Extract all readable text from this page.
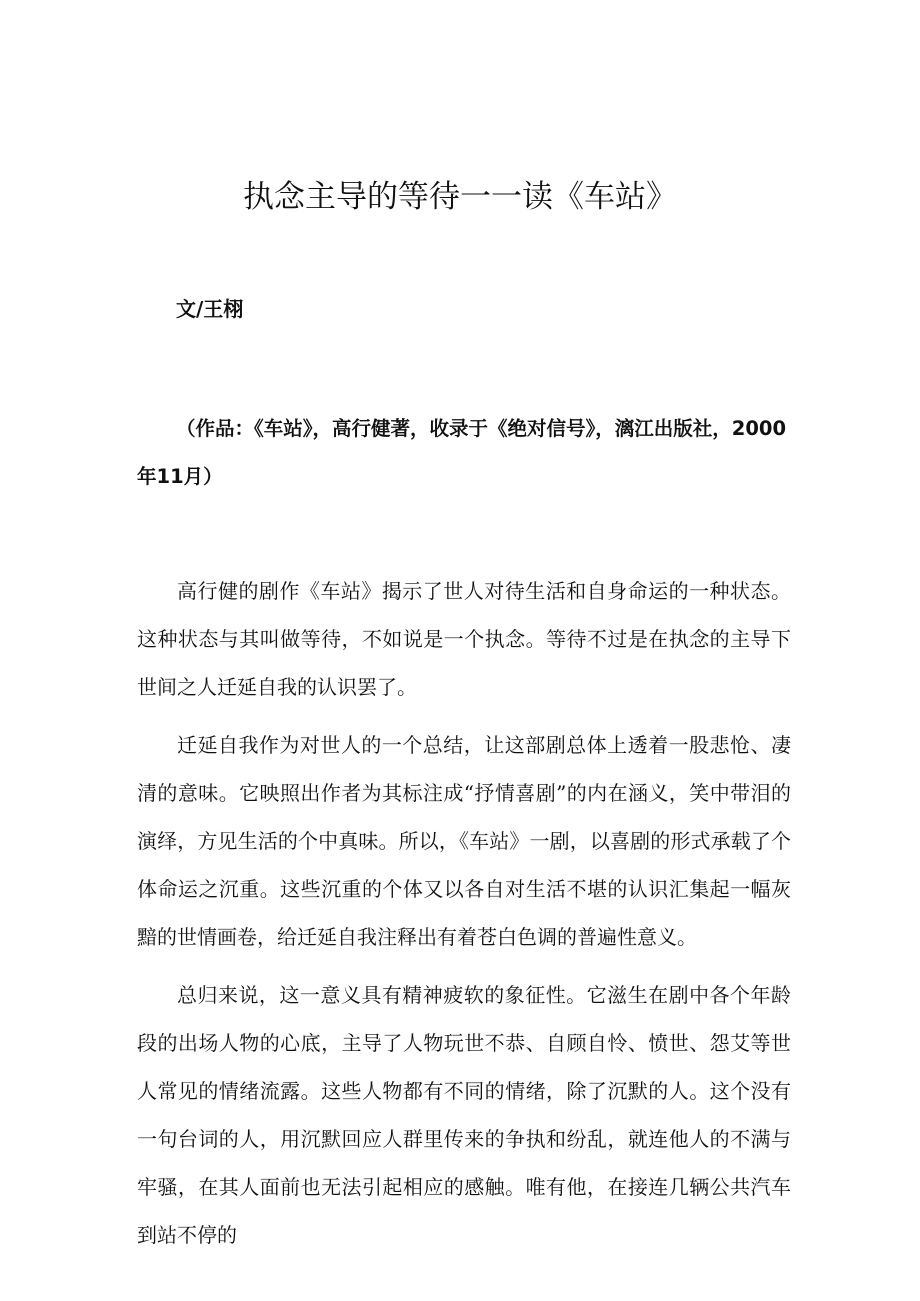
执念主导的等待一一读《车站》

文/王栩

（作品：《车站》，高行健著，收录于《绝对信号》，漓江出版社，2000年11月）

高行健的剧作《车站》揭示了世人对待生活和自身命运的一种状态。这种状态与其叫做等待，不如说是一个执念。等待不过是在执念的主导下世间之人迁延自我的认识罢了。

迁延自我作为对世人的一个总结，让这部剧总体上透着一股悲怆、凄清的意味。它映照出作者为其标注成“抒情喜剧”的内在涵义，笑中带泪的演绎，方见生活的个中真味。所以，《车站》一剧，以喜剧的形式承载了个体命运之沉重。这些沉重的个体又以各自对生活不堪的认识汇集起一幅灰黯的世情画卷，给迁延自我注释出有着苍白色调的普遍性意义。

总归来说，这一意义具有精神疲软的象征性。它滋生在剧中各个年龄段的出场人物的心底，主导了人物玩世不恭、自顾自怜、愤世、怨艾等世人常见的情绪流露。这些人物都有不同的情绪，除了沉默的人。这个没有一句台词的人，用沉默回应人群里传来的争执和纷乱，就连他人的不满与牢骚，在其人面前也无法引起相应的感触。唯有他，在接连几辆公共汽车到站不停的
